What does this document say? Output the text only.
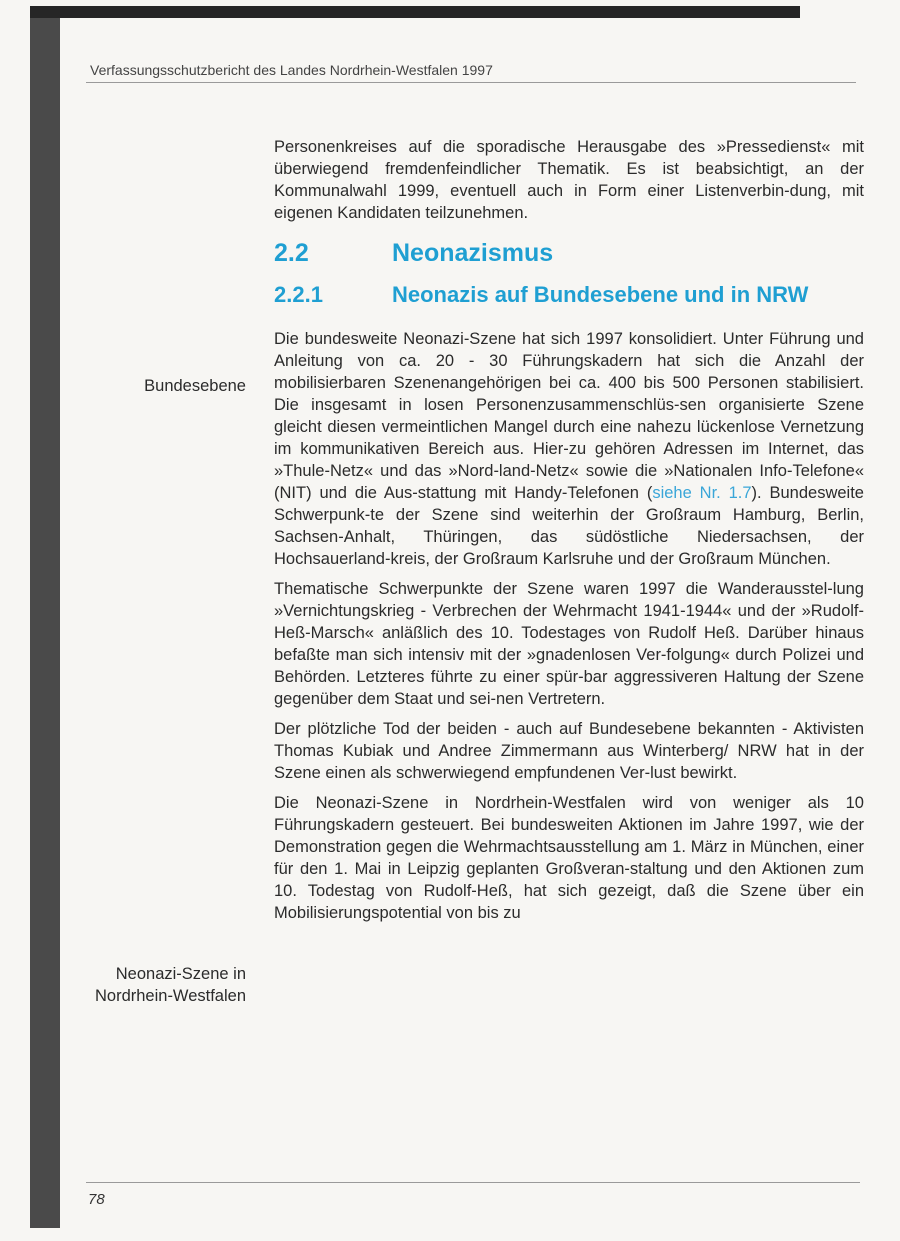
Verfassungsschutzbericht des Landes Nordrhein-Westfalen 1997
Bundesebene
Neonazi-Szene in Nordrhein-Westfalen

Personenkreises auf die sporadische Herausgabe des »Pressedienst« mit überwiegend fremdenfeindlicher Thematik. Es ist beabsichtigt, an der Kommunalwahl 1999, eventuell auch in Form einer Listenverbin-dung, mit eigenen Kandidaten teilzunehmen.

2.2	Neonazismus
2.2.1	Neonazis auf Bundesebene und in NRW

Die bundesweite Neonazi-Szene hat sich 1997 konsolidiert. Unter Führung und Anleitung von ca. 20 - 30 Führungskadern hat sich die Anzahl der mobilisierbaren Szenenangehörigen bei ca. 400 bis 500 Personen stabilisiert. Die insgesamt in losen Personenzusammenschlüs-sen organisierte Szene gleicht diesen vermeintlichen Mangel durch eine nahezu lückenlose Vernetzung im kommunikativen Bereich aus. Hier-zu gehören Adressen im Internet, das »Thule-Netz« und das »Nord-land-Netz« sowie die »Nationalen Info-Telefone« (NIT) und die Aus-stattung mit Handy-Telefonen (siehe Nr. 1.7). Bundesweite Schwerpunk-te der Szene sind weiterhin der Großraum Hamburg, Berlin, Sachsen-Anhalt, Thüringen, das südöstliche Niedersachsen, der Hochsauerland-kreis, der Großraum Karlsruhe und der Großraum München.

Thematische Schwerpunkte der Szene waren 1997 die Wanderausstel-lung »Vernichtungskrieg - Verbrechen der Wehrmacht 1941-1944« und der »Rudolf-Heß-Marsch« anläßlich des 10. Todestages von Rudolf Heß. Darüber hinaus befaßte man sich intensiv mit der »gnadenlosen Ver-folgung« durch Polizei und Behörden. Letzteres führte zu einer spür-bar aggressiveren Haltung der Szene gegenüber dem Staat und sei-nen Vertretern.

Der plötzliche Tod der beiden - auch auf Bundesebene bekannten - Aktivisten Thomas Kubiak und Andree Zimmermann aus Winterberg/ NRW hat in der Szene einen als schwerwiegend empfundenen Ver-lust bewirkt.

Die Neonazi-Szene in Nordrhein-Westfalen wird von weniger als 10 Führungskadern gesteuert. Bei bundesweiten Aktionen im Jahre 1997, wie der Demonstration gegen die Wehrmachtsausstellung am 1. März in München, einer für den 1. Mai in Leipzig geplanten Großveran-staltung und den Aktionen zum 10. Todestag von Rudolf-Heß, hat sich gezeigt, daß die Szene über ein Mobilisierungspotential von bis zu

78
